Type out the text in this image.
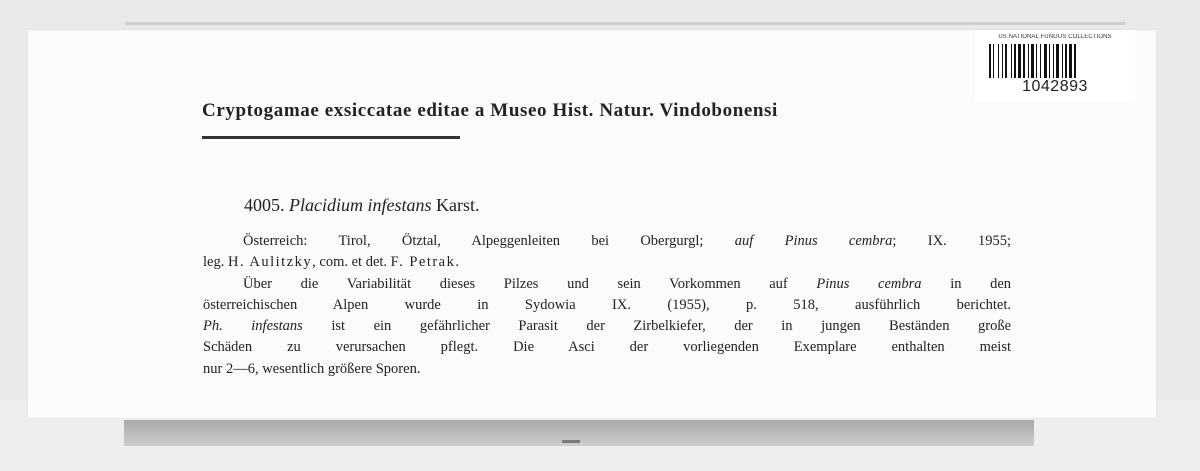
US NATIONAL FUNGUS COLLECTIONS
1042893
Cryptogamae exsiccatae editae a Museo Hist. Natur. Vindobonensi
4005. Placidium infestans Karst.
Österreich: Tirol, Ötztal, Alpeggenleiten bei Obergurgl; auf Pinus cembra; IX. 1955;
leg. H. Aulitzky, com. et det. F. Petrak.
Über die Variabilität dieses Pilzes und sein Vorkommen auf Pinus cembra in den
österreichischen Alpen wurde in Sydowia IX. (1955), p. 518, ausführlich berichtet.
Ph. infestans ist ein gefährlicher Parasit der Zirbelkiefer, der in jungen Beständen große
Schäden zu verursachen pflegt. Die Asci der vorliegenden Exemplare enthalten meist
nur 2—6, wesentlich größere Sporen.
